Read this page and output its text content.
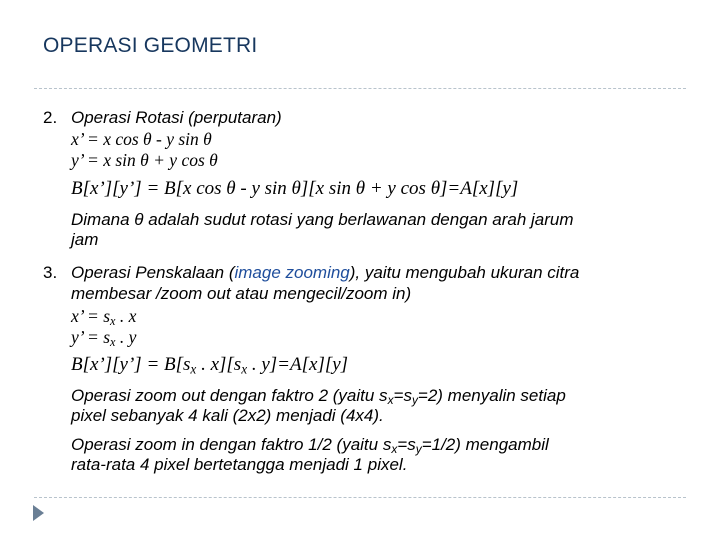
OPERASI GEOMETRI
2. Operasi Rotasi (perputaran)
x’ = x cos θ - y sin θ
y’ = x sin θ + y cos θ
B[x’][y’] = B[x cos θ - y sin θ][x sin θ + y cos θ]=A[x][y]
Dimana θ adalah sudut rotasi yang berlawanan dengan arah jarum
jam
3. Operasi Penskalaan (image zooming), yaitu mengubah ukuran citra
membesar /zoom out atau mengecil/zoom in)
x’ = $s_x$ . x
y’ = $s_x$ . y
B[x’][y’] = $B[s_x$ . $x][s_x$ . y]=A[x][y]
Operasi zoom out dengan faktro 2 (yaitu $s_x=s_y=2$) menyalin setiap
pixel sebanyak 4 kali (2x2) menjadi (4x4).
Operasi zoom in dengan faktro 1/2 (yaitu $s_x=s_y=1/2$) mengambil
rata-rata 4 pixel bertetangga menjadi 1 pixel.
